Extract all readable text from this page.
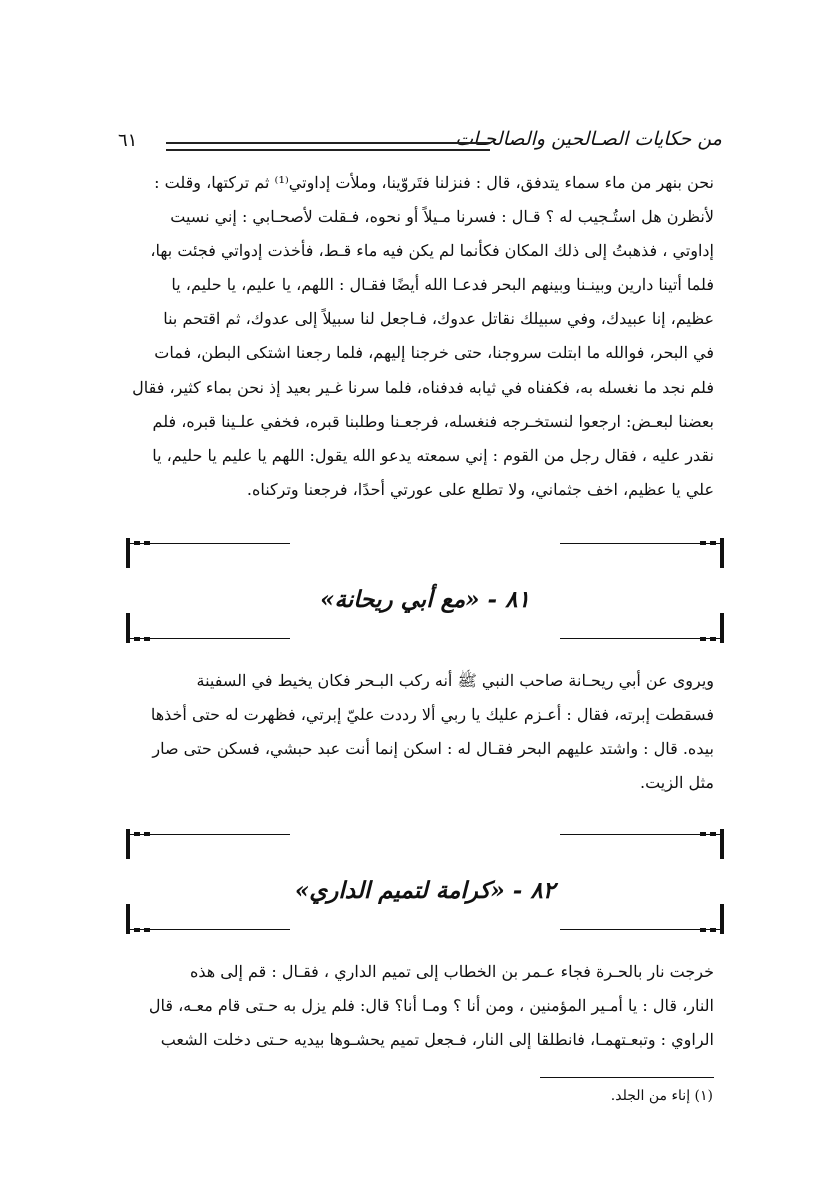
من حكايات الصـالحين والصالحـات
٦١
نحن بنهر من ماء سماء يتدفق، قال : فنزلنا فتَروّينا، وملأت إداوتي⁽¹⁾ ثم تركتها، وقلت :
لأنظرن هل استُـجيب له ؟ قـال : فسرنا مـيلاً أو نحوه، فـقلت لأصحـابي : إني نسيت
إداوتي ، فذهبتُ إلى ذلك المكان فكأنما لم يكن فيه ماء قـط، فأخذت إدواتي فجئت بها،
فلما أتينا دارين وبينـنا وبينهم البحر فدعـا الله أيضًا فقـال : اللهم، يا عليم، يا حليم، يا
عظيم، إنا عبيدك، وفي سبيلك نقاتل عدوك، فـاجعل لنا سبيلاً إلى عدوك، ثم اقتحم بنا
في البحر، فوالله ما ابتلت سروجنا، حتى خرجنا إليهم، فلما رجعنا اشتكى البطن، فمات
فلم نجد ما نغسله به، فكفناه في ثيابه فدفناه، فلما سرنا غـير بعيد إذ نحن بماء كثير، فقال
بعضنا لبعـض: ارجعوا لنستخـرجه فنغسله، فرجعـنا وطلبنا قبره، فخفي علـينا قبره، فلم
نقدر عليه ، فقال رجل من القوم : إني سمعته يدعو الله يقول: اللهم يا عليم يا حليم، يا
علي يا عظيم، اخف جثماني، ولا تطلع على عورتي أحدًا، فرجعنا وتركناه.
٨١ - «مع أبي ريحانة»
ويروى عن أبي ريحـانة صاحب النبي ﷺ أنه ركب البـحر فكان يخيط في السفينة
فسقطت إبرته، فقال : أعـزم عليك يا ربي ألا رددت عليّ إبرتي، فظهرت له حتى أخذها
بيده. قال : واشتد عليهم البحر فقـال له : اسكن إنما أنت عبد حبشي، فسكن حتى صار
مثل الزيت.
٨٢ - «كرامة لتميم الداري»
خرجت نار بالحـرة فجاء عـمر بن الخطاب إلى تميم الداري ، فقـال : قم إلى هذه
النار، قال : يا أمـير المؤمنين ، ومن أنا ؟ ومـا أنا؟ قال: فلم يزل به حـتى قام معـه، قال
الراوي : وتبعـتهمـا، فانطلقا إلى النار، فـجعل تميم يحشـوها بيديه حـتى دخلت الشعب
(١) إناء من الجلد.
